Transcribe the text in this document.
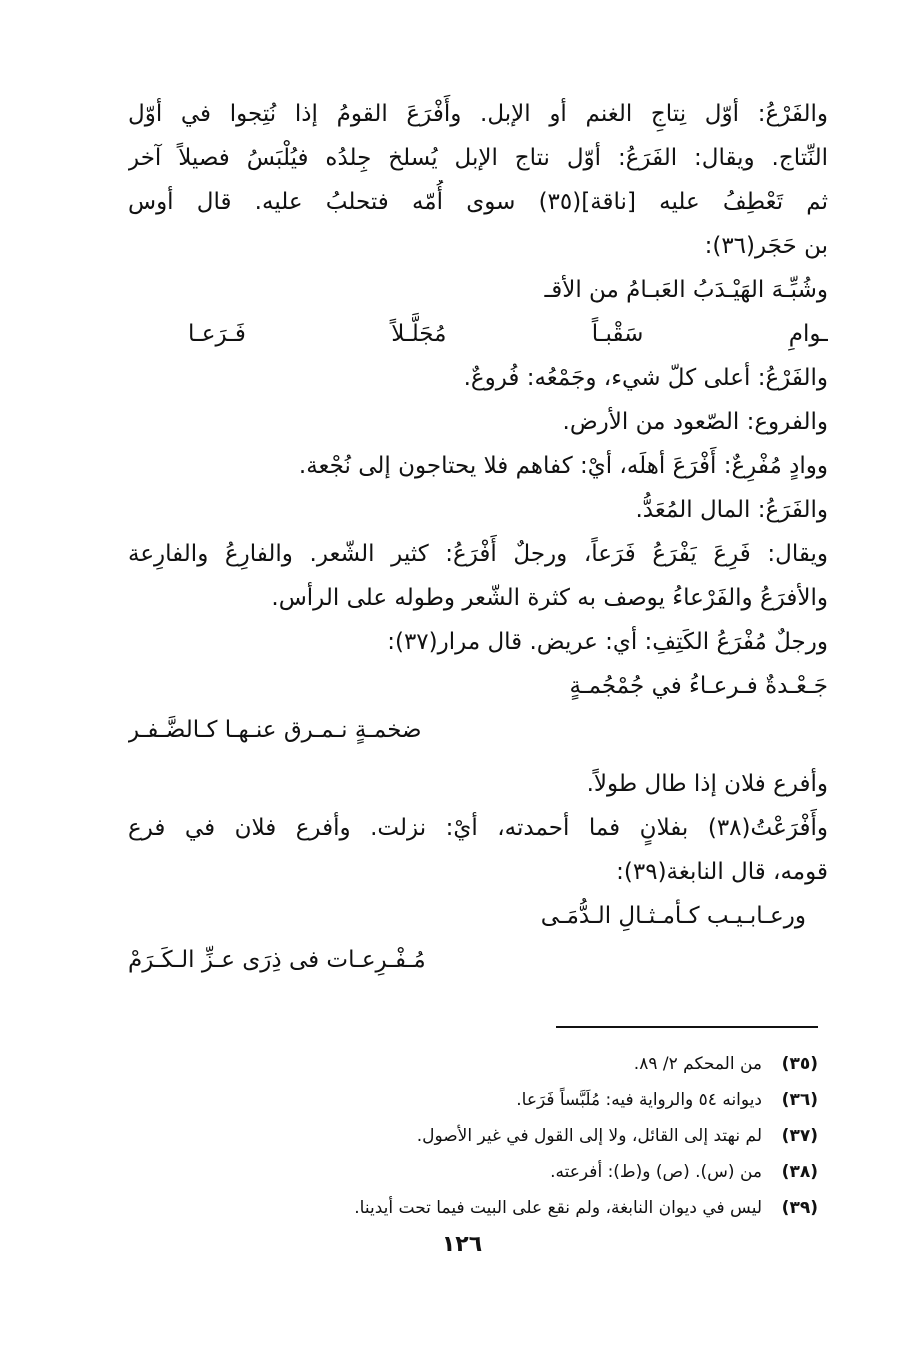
والفَرْعُ: أوّل نِتاجِ الغنم أو الإبل. وأَفْرَعَ القومُ إذا نُتِجوا في أوّل
النِّتاج. ويقال: الفَرَعُ: أوّل نتاج الإبل يُسلخ جِلدُه فيُلْبَسُ فصيلاً آخر
ثم تَعْطِفُ عليه [ناقة](٣٥) سوى أُمّه فتحلبُ عليه. قال أوس
بن حَجَر(٣٦):
وشُبِّـهَ الهَيْـدَبُ العَبـامُ من الأقـ
ـوامِ سَقْبـاً مُجَلَّـلاً فَـرَعـا
والفَرْعُ: أعلى كلّ شيء، وجَمْعُه: فُروعٌ.
والفروع: الصّعود من الأرض.
ووادٍ مُفْرِعٌ: أَفْرَعَ أهلَه، أيْ: كفاهم فلا يحتاجون إلى نُجْعة.
والفَرَعُ: المال المُعَدُّ.
ويقال: فَرِعَ يَفْرَعُ فَرَعاً، ورجلٌ أَفْرَعُ: كثير الشّعر. والفارِعُ والفارِعة
والأفرَعُ والفَرْعاءُ يوصف به كثرة الشّعر وطوله على الرأس.
ورجلٌ مُفْرَعُ الكَتِفِ: أي: عريض. قال مرار(٣٧):
جَـعْـدةٌ فـرعـاءُ في جُمْجُمـةٍ
ضخمـةٍ نـمـرق عنـهـا كـالضَّـفـر
وأفرع فلان إذا طال طولاً.
وأَفْرَعْتُ(٣٨) بفلانٍ فما أحمدته، أيْ: نزلت. وأفرع فلان في فرع
قومه، قال النابغة(٣٩):
ورعـابـيـب كـأمـثـالِ الـدُّمَـى
مُـفْـرِعـات فى ذِرَى عـزِّ الـكَـرَمْ
(٣٥)
من المحكم ٢/ ٨٩.
(٣٦)
ديوانه ٥٤ والرواية فيه: مُلَبَّساً فَرَعا.
(٣٧)
لم نهتد إلى القائل، ولا إلى القول في غير الأصول.
(٣٨)
من (س). (ص) و(ط): أفرعته.
(٣٩)
ليس في ديوان النابغة، ولم نقع على البيت فيما تحت أيدينا.
١٢٦
